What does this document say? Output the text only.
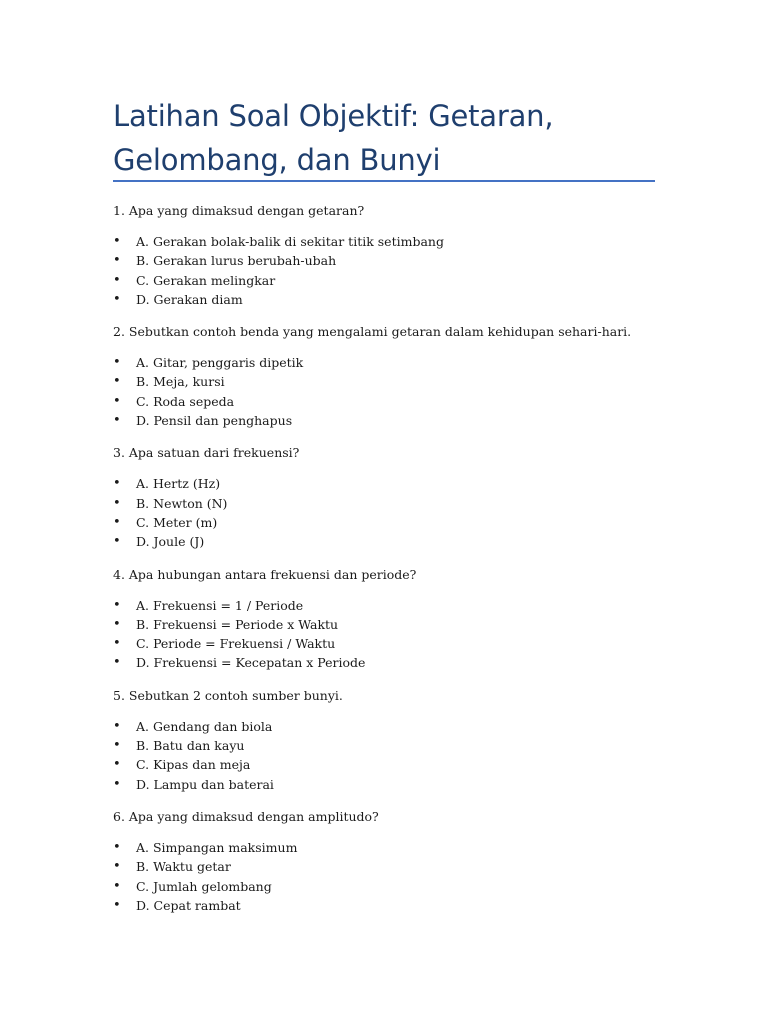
Latihan Soal Objektif: Getaran, Gelombang, dan Bunyi

1. Apa yang dimaksud dengan getaran?

• A. Gerakan bolak-balik di sekitar titik setimbang
• B. Gerakan lurus berubah-ubah
• C. Gerakan melingkar
• D. Gerakan diam

2. Sebutkan contoh benda yang mengalami getaran dalam kehidupan sehari-hari.

• A. Gitar, penggaris dipetik
• B. Meja, kursi
• C. Roda sepeda
• D. Pensil dan penghapus

3. Apa satuan dari frekuensi?

• A. Hertz (Hz)
• B. Newton (N)
• C. Meter (m)
• D. Joule (J)

4. Apa hubungan antara frekuensi dan periode?

• A. Frekuensi = 1 / Periode
• B. Frekuensi = Periode x Waktu
• C. Periode = Frekuensi / Waktu
• D. Frekuensi = Kecepatan x Periode

5. Sebutkan 2 contoh sumber bunyi.

• A. Gendang dan biola
• B. Batu dan kayu
• C. Kipas dan meja
• D. Lampu dan baterai

6. Apa yang dimaksud dengan amplitudo?

• A. Simpangan maksimum
• B. Waktu getar
• C. Jumlah gelombang
• D. Cepat rambat
